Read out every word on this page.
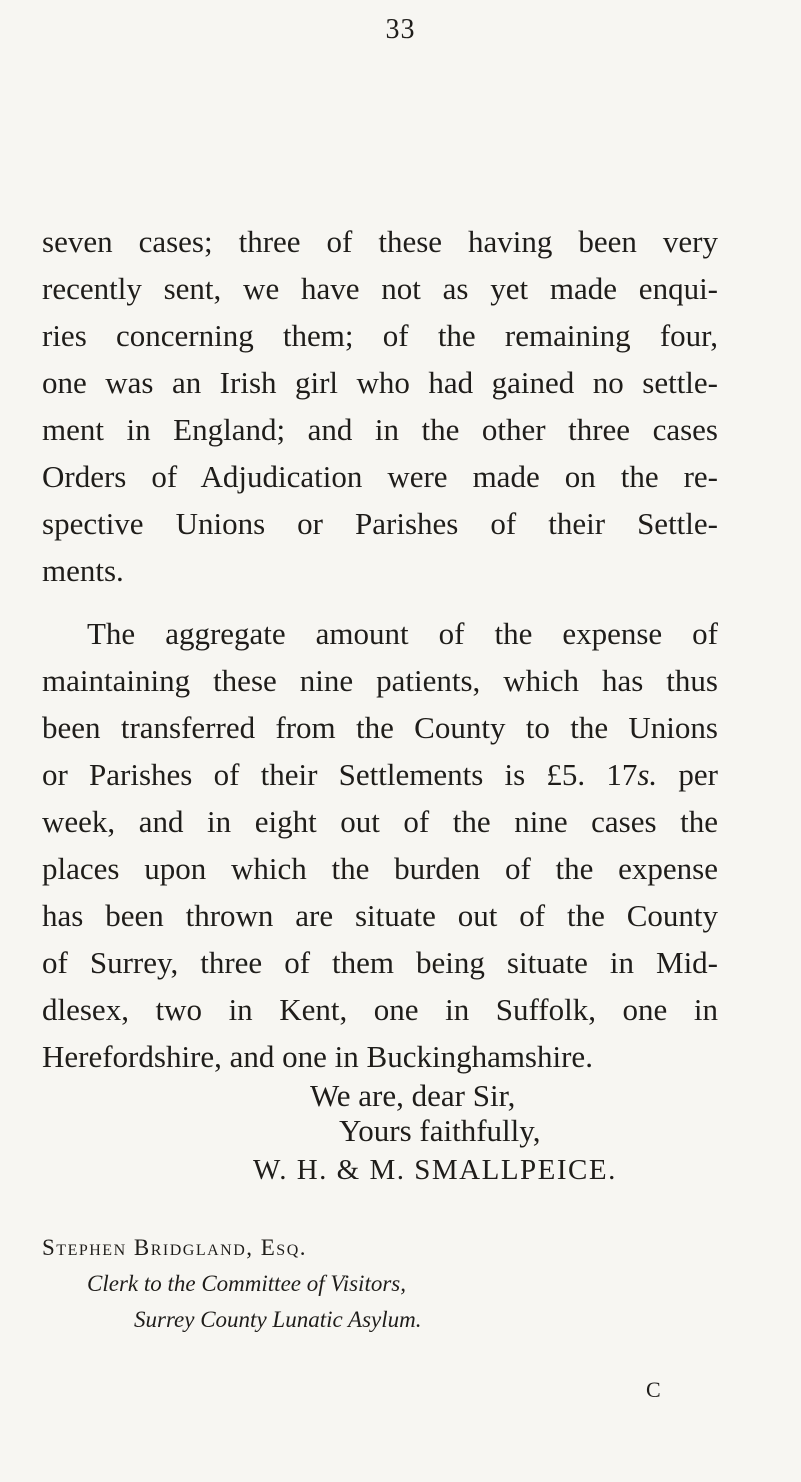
33
seven cases; three of these having been very
recently sent, we have not as yet made enqui-
ries concerning them; of the remaining four,
one was an Irish girl who had gained no settle-
ment in England; and in the other three cases
Orders of Adjudication were made on the re-
spective Unions or Parishes of their Settle-
ments.
The aggregate amount of the expense of
maintaining these nine patients, which has thus
been transferred from the County to the Unions
or Parishes of their Settlements is £5. 17s. per
week, and in eight out of the nine cases the
places upon which the burden of the expense
has been thrown are situate out of the County
of Surrey, three of them being situate in Mid-
dlesex, two in Kent, one in Suffolk, one in
Herefordshire, and one in Buckinghamshire.
We are, dear Sir,
Yours faithfully,
W. H. & M. SMALLPEICE.
Stephen Bridgland, Esq.
Clerk to the Committee of Visitors,
Surrey County Lunatic Asylum.
C
